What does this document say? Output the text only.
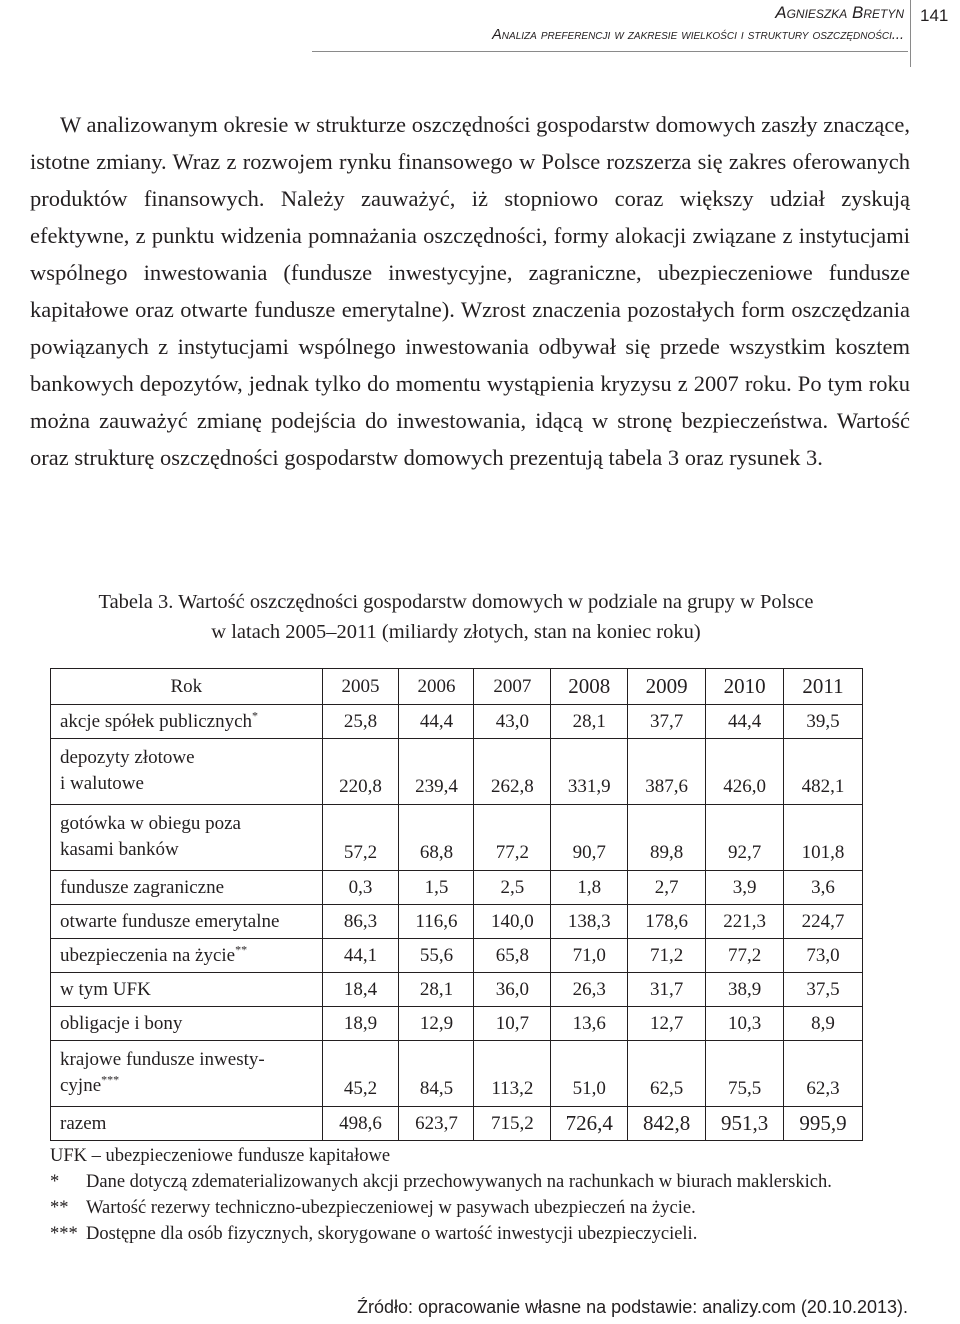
Agnieszka Bretyn
Analiza preferencji w zakresie wielkości i struktury oszczędności...
141

W analizowanym okresie w strukturze oszczędności gospodarstw domowych zaszły znaczące, istotne zmiany. Wraz z rozwojem rynku finansowego w Polsce rozszerza się zakres oferowanych produktów finansowych. Należy zauważyć, iż stopniowo coraz większy udział zyskują efektywne, z punktu widzenia pomnażania oszczędności, formy alokacji związane z instytucjami wspólnego inwestowania (fundusze inwestycyjne, zagraniczne, ubezpieczeniowe fundusze kapitałowe oraz otwarte fundusze emerytalne). Wzrost znaczenia pozostałych form oszczędzania powiązanych z instytucjami wspólnego inwestowania odbywał się przede wszystkim kosztem bankowych depozytów, jednak tylko do momentu wystąpienia kryzysu z 2007 roku. Po tym roku można zauważyć zmianę podejścia do inwestowania, idącą w stronę bezpieczeństwa. Wartość oraz strukturę oszczędności gospodarstw domowych prezentują tabela 3 oraz rysunek 3.

Tabela 3. Wartość oszczędności gospodarstw domowych w podziale na grupy w Polsce
w latach 2005–2011 (miliardy złotych, stan na koniec roku)
Rok	2005	2006	2007	2008	2009	2010	2011
akcje spółek publicznych*	25,8	44,4	43,0	28,1	37,7	44,4	39,5

depozyty złotowe
i walutowe	220,8	239,4	262,8	331,9	387,6	426,0	482,1

gotówka w obiegu poza
kasami banków	57,2	68,8	77,2	90,7	89,8	92,7	101,8
fundusze zagraniczne	0,3	1,5	2,5	1,8	2,7	3,9	3,6
otwarte fundusze emerytalne	86,3	116,6	140,0	138,3	178,6	221,3	224,7
ubezpieczenia na życie**	44,1	55,6	65,8	71,0	71,2	77,2	73,0
w tym UFK	18,4	28,1	36,0	26,3	31,7	38,9	37,5
obligacje i bony	18,9	12,9	10,7	13,6	12,7	10,3	8,9

krajowe fundusze inwesty-
cyjne***	45,2	84,5	113,2	51,0	62,5	75,5	62,3
razem	498,6	623,7	715,2	726,4	842,8	951,3	995,9
UFK – ubezpieczeniowe fundusze kapitałowe
*	Dane dotyczą zdematerializowanych akcji przechowywanych na rachunkach w biurach maklerskich.
** Wartość rezerwy techniczno-ubezpieczeniowej w pasywach ubezpieczeń na życie.
*** Dostępne dla osób fizycznych, skorygowane o wartość inwestycji ubezpieczycieli.
Źródło: opracowanie własne na podstawie: analizy.com (20.10.2013).
